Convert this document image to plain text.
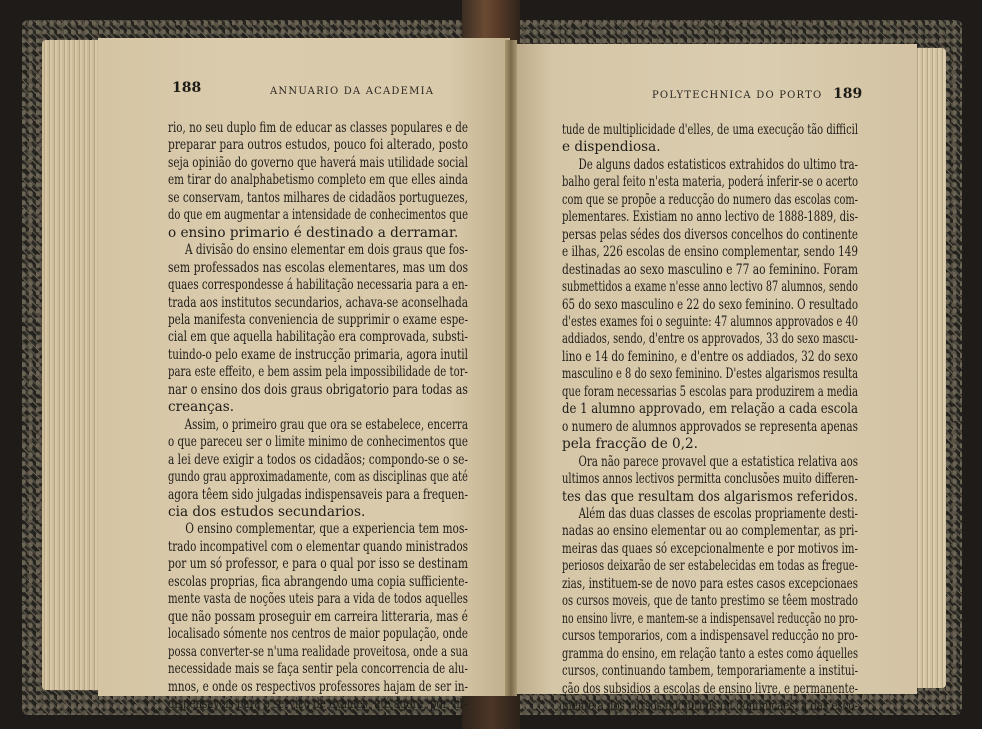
188	ANNUARIO DA ACADEMIA	POLYTECHNICA DO PORTO 189
rio, no seu duplo fim de educar as classes populares e de
preparar para outros estudos, pouco foi alterado, posto
seja opinião do governo que haverá mais utilidade social
em tirar do analphabetismo completo em que elles ainda
se conservam, tantos milhares de cidadãos portuguezes,
do que em augmentar a intensidade de conhecimentos que
o ensino primario é destinado a derramar.
A divisão do ensino elementar em dois graus que fos-
sem professados nas escolas elementares, mas um dos
quaes correspondesse á habilitação necessaria para a en-
trada aos institutos secundarios, achava-se aconselhada
pela manifesta conveniencia de supprimir o exame espe-
cial em que aquella habilitação era comprovada, substi-
tuindo-o pelo exame de instrucção primaria, agora inutil
para este effeito, e bem assim pela impossibilidade de tor-
nar o ensino dos dois graus obrigatorio para todas as
creanças.
Assim, o primeiro grau que ora se estabelece, encerra
o que pareceu ser o limite minimo de conhecimentos que
a lei deve exigir a todos os cidadãos; compondo-se o se-
gundo grau approximadamente, com as disciplinas que até
agora têem sido julgadas indispensaveis para a frequen-
cia dos estudos secundarios.
O ensino complementar, que a experiencia tem mos-
trado incompativel com o elementar quando ministrados
por um só professor, e para o qual por isso se destinam
escolas proprias, fica abrangendo uma copia sufficiente-
mente vasta de noções uteis para a vida de todos aquelles
que não possam proseguir em carreira litteraria, mas é
localisado sómente nos centros de maior população, onde
possa converter-se n'uma realidade proveitosa, onde a sua
necessidade mais se faça sentir pela concorrencia de alu-
mnos, e onde os respectivos professores hajam de ser in-
dispensaveis para o serviço de exames, até agora, por vir-
tude de multiplicidade d'elles, de uma execução tão difficil
e dispendiosa.
De alguns dados estatisticos extrahidos do ultimo tra-
balho geral feito n'esta materia, poderá inferir-se o acerto
com que se propõe a reducção do numero das escolas com-
plementares. Existiam no anno lectivo de 1888-1889, dis-
persas pelas sédes dos diversos concelhos do continente
e ilhas, 226 escolas de ensino complementar, sendo 149
destinadas ao sexo masculino e 77 ao feminino. Foram
submettidos a exame n'esse anno lectivo 87 alumnos, sendo
65 do sexo masculino e 22 do sexo feminino. O resultado
d'estes exames foi o seguinte: 47 alumnos approvados e 40
addiados, sendo, d'entre os approvados, 33 do sexo mascu-
lino e 14 do feminino, e d'entre os addiados, 32 do sexo
masculino e 8 do sexo feminino. D'estes algarismos resulta
que foram necessarias 5 escolas para produzirem a media
de 1 alumno approvado, em relação a cada escola
o numero de alumnos approvados se representa apenas
pela fracção de 0,2.
Ora não parece provavel que a estatistica relativa aos
ultimos annos lectivos permitta conclusões muito differen-
tes das que resultam dos algarismos referidos.
Além das duas classes de escolas propriamente desti-
nadas ao ensino elementar ou ao complementar, as pri-
meiras das quaes só excepcionalmente e por motivos im-
periosos deixarão de ser estabelecidas em todas as fregue-
zias, instituem-se de novo para estes casos excepcionaes
os cursos moveis, que de tanto prestimo se têem mostrado
no ensino livre, e mantem-se a indispensavel reducção no pro-
cursos temporarios, com a indispensavel reducção no pro-
gramma do ensino, em relação tanto a estes como áquelles
cursos, continuando tambem, temporariamente a institui-
ção dos subsidios a escolas de ensino livre, e permanente-
mente a dos cursos nocturnos ou dominicaes, a das esco-
